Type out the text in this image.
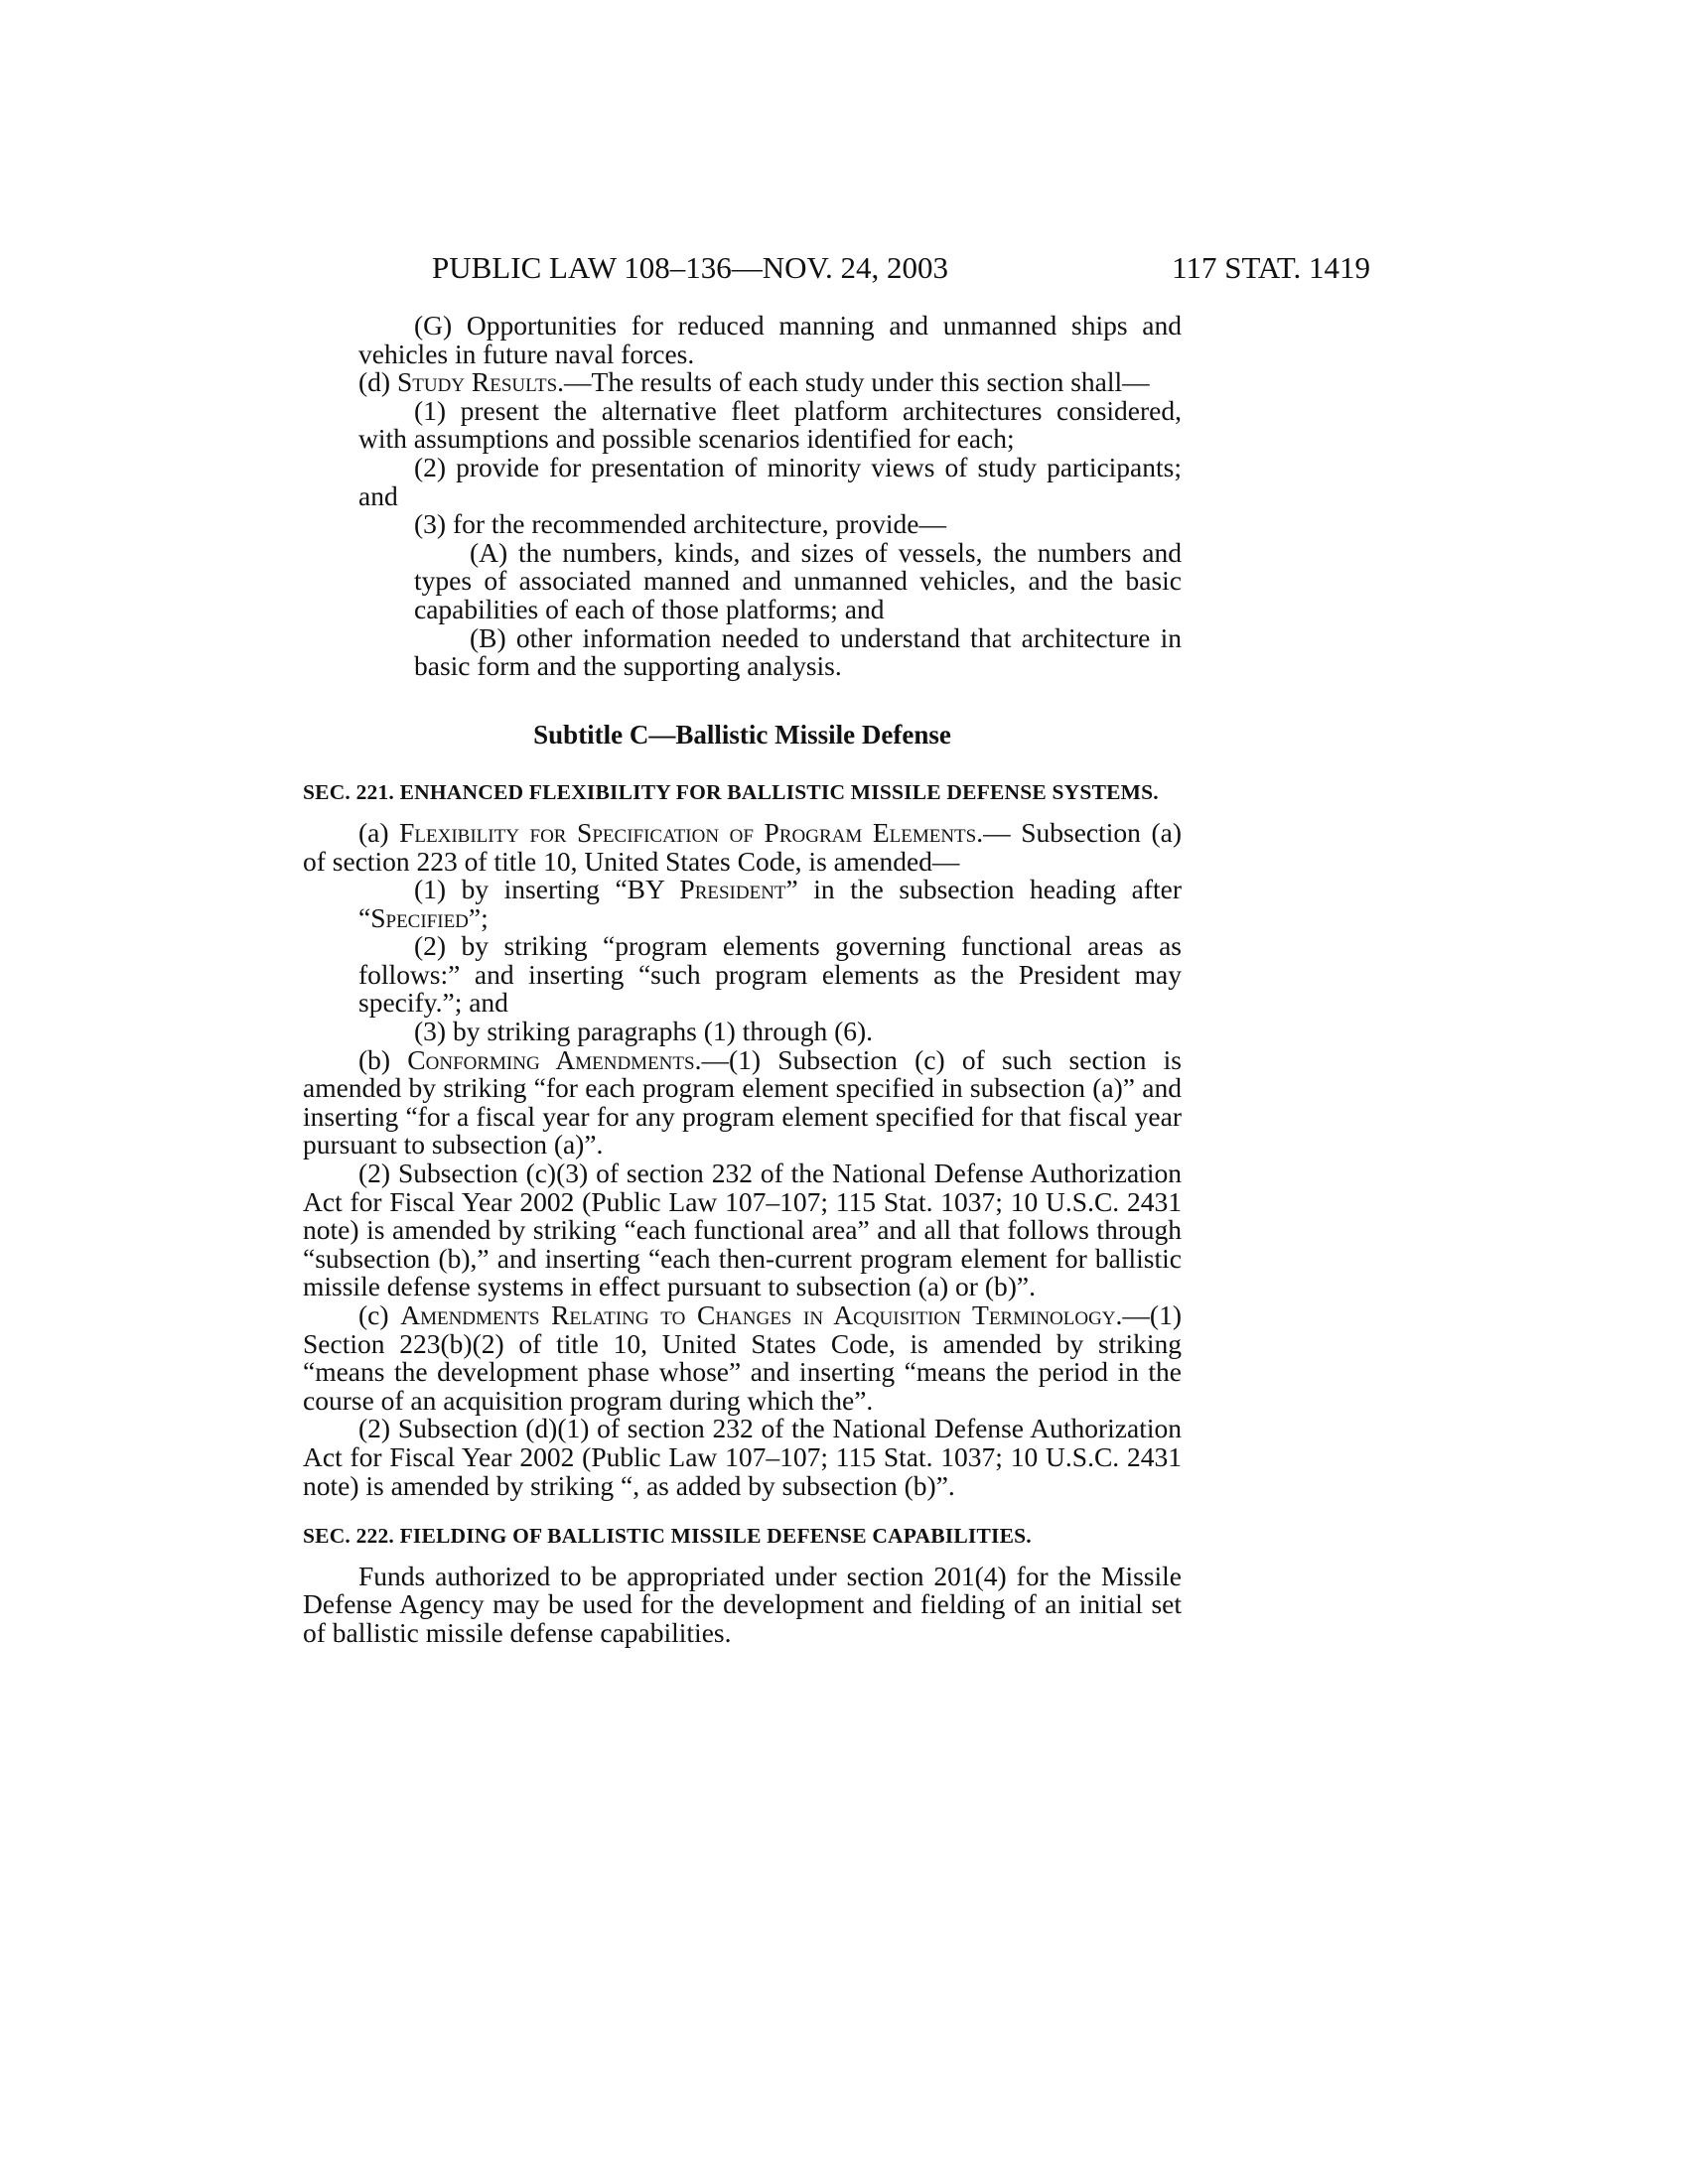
PUBLIC LAW 108–136—NOV. 24, 2003	117 STAT. 1419

(G) Opportunities for reduced manning and unmanned ships and vehicles in future naval forces.

(d) Study Results.—The results of each study under this section shall—

(1) present the alternative fleet platform architectures considered, with assumptions and possible scenarios identified for each;

(2) provide for presentation of minority views of study participants; and

(3) for the recommended architecture, provide—

(A) the numbers, kinds, and sizes of vessels, the numbers and types of associated manned and unmanned vehicles, and the basic capabilities of each of those platforms; and

(B) other information needed to understand that architecture in basic form and the supporting analysis.

Subtitle C—Ballistic Missile Defense
SEC. 221. ENHANCED FLEXIBILITY FOR BALLISTIC MISSILE DEFENSE SYSTEMS.

(a) Flexibility for Specification of Program Elements.— Subsection (a) of section 223 of title 10, United States Code, is amended—

(1) by inserting “BY President” in the subsection heading after “Specified”;

(2) by striking “program elements governing functional areas as follows:” and inserting “such program elements as the President may specify.”; and

(3) by striking paragraphs (1) through (6).

(b) Conforming Amendments.—(1) Subsection (c) of such section is amended by striking “for each program element specified in subsection (a)” and inserting “for a fiscal year for any program element specified for that fiscal year pursuant to subsection (a)”.

(2) Subsection (c)(3) of section 232 of the National Defense Authorization Act for Fiscal Year 2002 (Public Law 107–107; 115 Stat. 1037; 10 U.S.C. 2431 note) is amended by striking “each functional area” and all that follows through “subsection (b),” and inserting “each then-current program element for ballistic missile defense systems in effect pursuant to subsection (a) or (b)”.

(c) Amendments Relating to Changes in Acquisition Terminology.—(1) Section 223(b)(2) of title 10, United States Code, is amended by striking “means the development phase whose” and inserting “means the period in the course of an acquisition program during which the”.

(2) Subsection (d)(1) of section 232 of the National Defense Authorization Act for Fiscal Year 2002 (Public Law 107–107; 115 Stat. 1037; 10 U.S.C. 2431 note) is amended by striking “, as added by subsection (b)”.

SEC. 222. FIELDING OF BALLISTIC MISSILE DEFENSE CAPABILITIES.

Funds authorized to be appropriated under section 201(4) for the Missile Defense Agency may be used for the development and fielding of an initial set of ballistic missile defense capabilities.
